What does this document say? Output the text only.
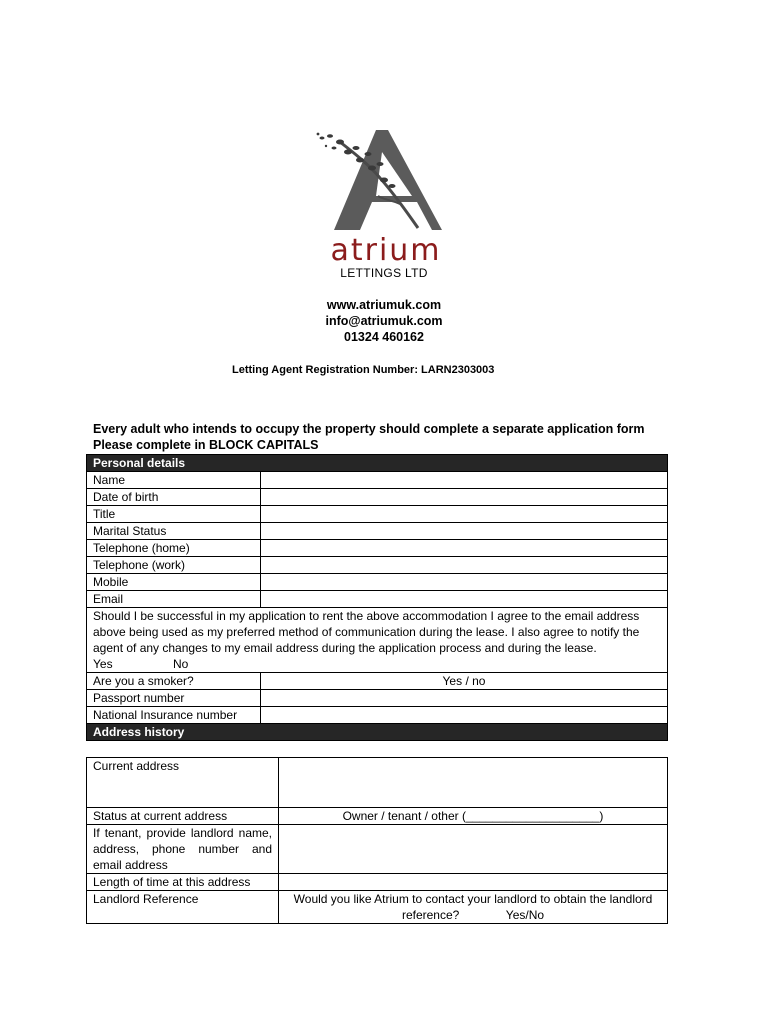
atrium
LETTINGS LTD
www.atriumuk.com
info@atriumuk.com
01324 460162
Letting Agent Registration Number: LARN2303003
Every adult who intends to occupy the property should complete a separate application form
Please complete in BLOCK CAPITALS
Personal details	
Name	
Date of birth	
Title	
Marital Status	
Telephone (home)	
Telephone (work)	
Mobile	
Email	

Should I be successful in my application to rent the above accommodation I agree to the email address above being used as my preferred method of communication during the lease. I also agree to notify the agent of any changes to my email address during the application process and during the lease.
Yes No	

Are you a smoker?	Yes / no
Passport number	
National Insurance number	
Address history	
Current address	
Status at current address	Owner / tenant / other (____________________)
If tenant, provide landlord name, address, phone number and email address	
Length of time at this address	
Landlord Reference	Would you like Atrium to contact your landlord to obtain the landlord reference? Yes/No
